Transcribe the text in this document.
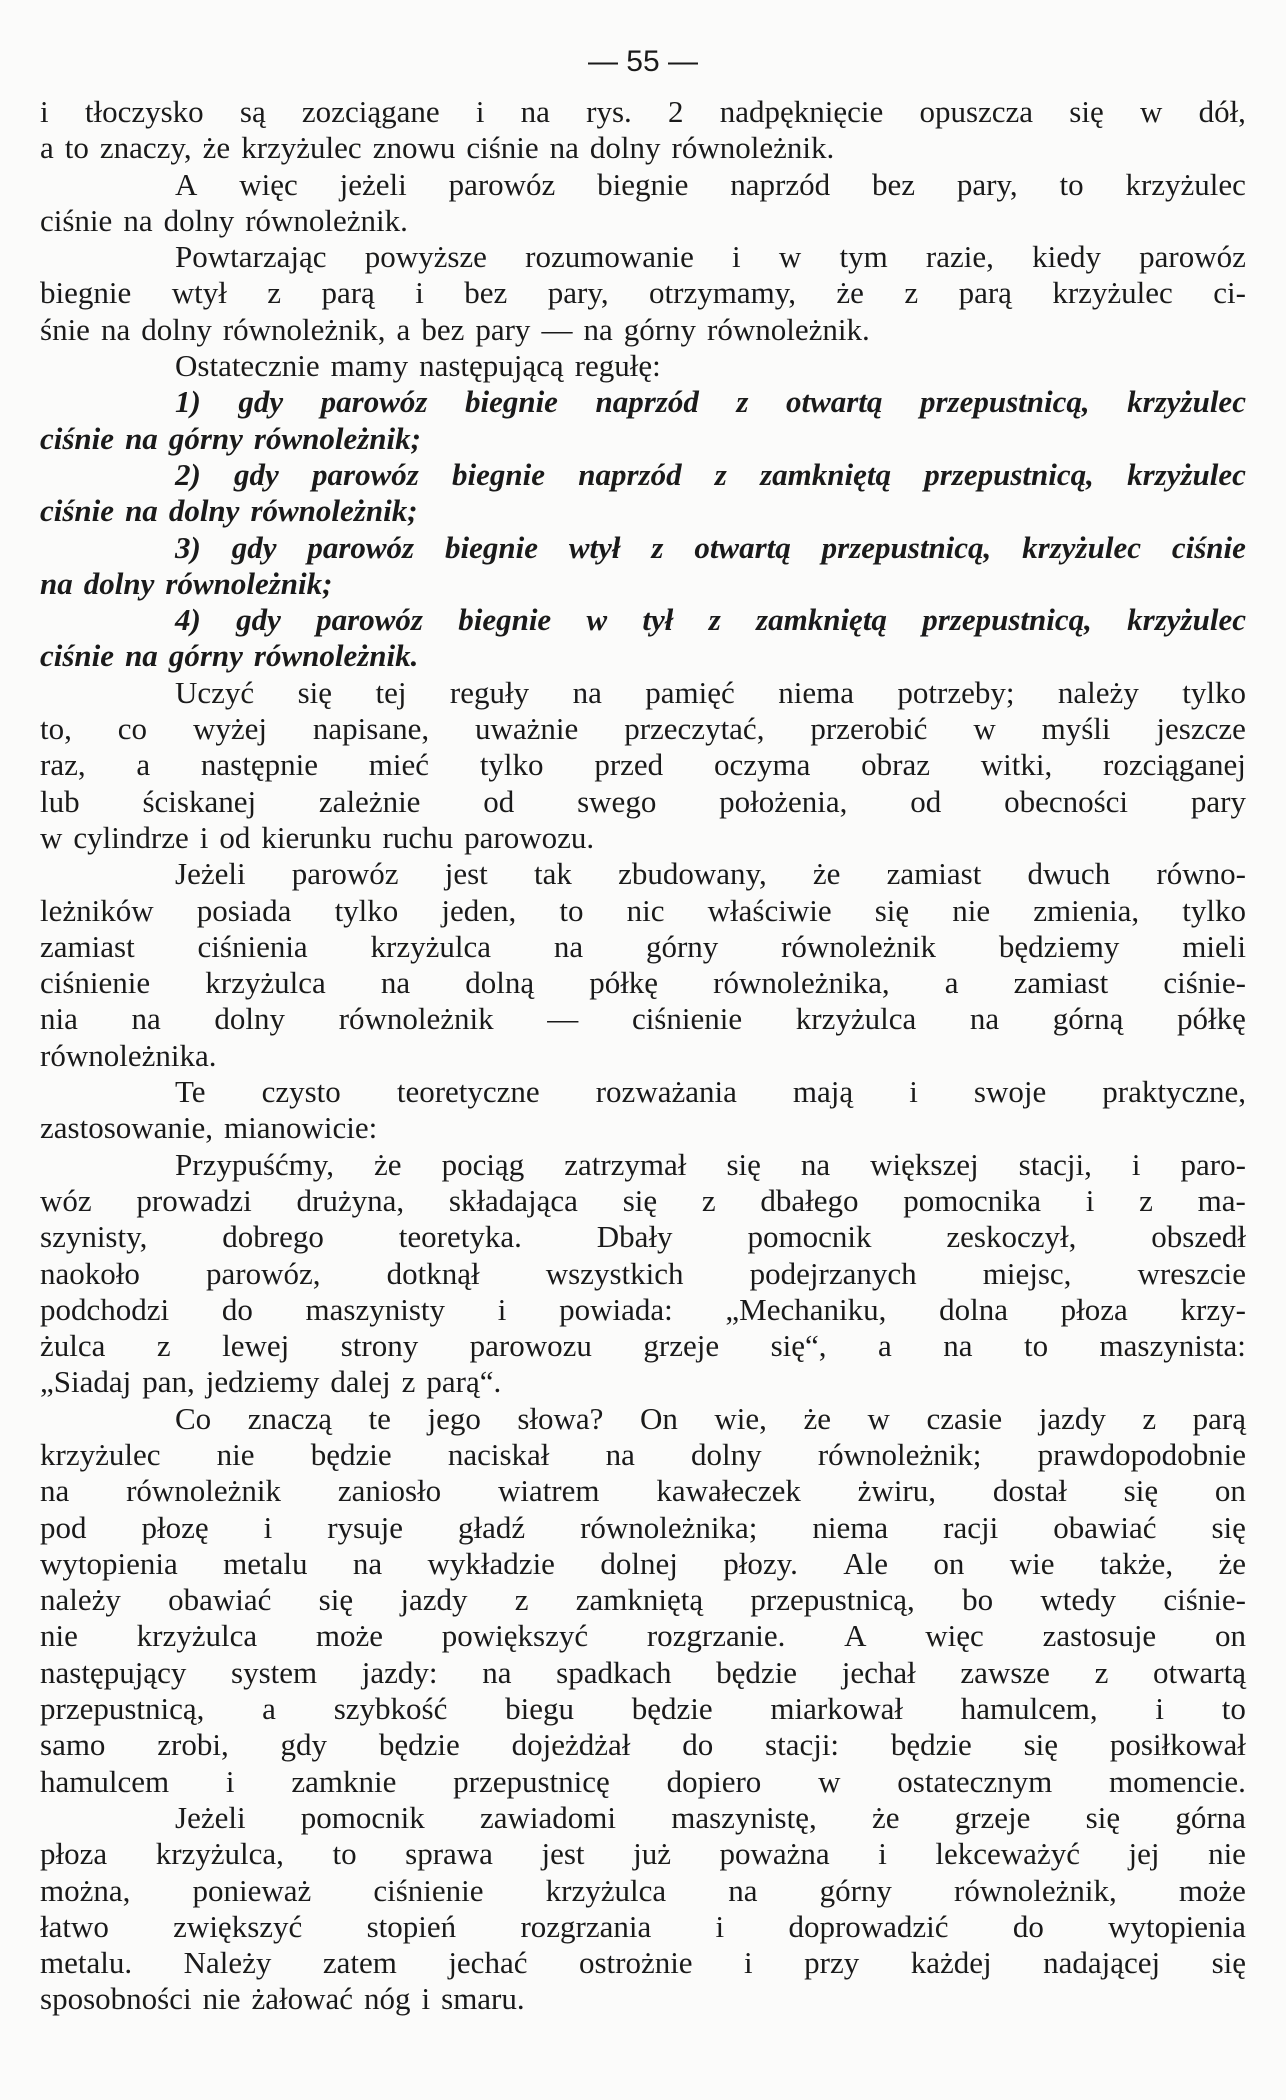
— 55 —
i tłoczysko są zozciągane i na rys. 2 nadpęknięcie opuszcza się w dół,
a to znaczy, że krzyżulec znowu ciśnie na dolny równoleżnik.
A więc jeżeli parowóz biegnie naprzód bez pary, to krzyżulec
ciśnie na dolny równoleżnik.
Powtarzając powyższe rozumowanie i w tym razie, kiedy parowóz
biegnie wtył z parą i bez pary, otrzymamy, że z parą krzyżulec ci-
śnie na dolny równoleżnik, a bez pary — na górny równoleżnik.
Ostatecznie mamy następującą regułę:
1) gdy parowóz biegnie naprzód z otwartą przepustnicą, krzyżulec
ciśnie na górny równoleżnik;
2) gdy parowóz biegnie naprzód z zamkniętą przepustnicą, krzyżulec
ciśnie na dolny równoleżnik;
3) gdy parowóz biegnie wtył z otwartą przepustnicą, krzyżulec ciśnie
na dolny równoleżnik;
4) gdy parowóz biegnie w tył z zamkniętą przepustnicą, krzyżulec
ciśnie na górny równoleżnik.
Uczyć się tej reguły na pamięć niema potrzeby; należy tylko
to, co wyżej napisane, uważnie przeczytać, przerobić w myśli jeszcze
raz, a następnie mieć tylko przed oczyma obraz witki, rozciąganej
lub ściskanej zależnie od swego położenia, od obecności pary
w cylindrze i od kierunku ruchu parowozu.
Jeżeli parowóz jest tak zbudowany, że zamiast dwuch równo-
leżników posiada tylko jeden, to nic właściwie się nie zmienia, tylko
zamiast ciśnienia krzyżulca na górny równoleżnik będziemy mieli
ciśnienie krzyżulca na dolną półkę równoleżnika, a zamiast ciśnie-
nia na dolny równoleżnik — ciśnienie krzyżulca na górną półkę
równoleżnika.
Te czysto teoretyczne rozważania mają i swoje praktyczne,
zastosowanie, mianowicie:
Przypuśćmy, że pociąg zatrzymał się na większej stacji, i paro-
wóz prowadzi drużyna, składająca się z dbałego pomocnika i z ma-
szynisty, dobrego teoretyka. Dbały pomocnik zeskoczył, obszedł
naokoło parowóz, dotknął wszystkich podejrzanych miejsc, wreszcie
podchodzi do maszynisty i powiada: „Mechaniku, dolna płoza krzy-
żulca z lewej strony parowozu grzeje się“, a na to maszynista:
„Siadaj pan, jedziemy dalej z parą“.
Co znaczą te jego słowa? On wie, że w czasie jazdy z parą
krzyżulec nie będzie naciskał na dolny równoleżnik; prawdopodobnie
na równoleżnik zaniosło wiatrem kawałeczek żwiru, dostał się on
pod płozę i rysuje gładź równoleżnika; niema racji obawiać się
wytopienia metalu na wykładzie dolnej płozy. Ale on wie także, że
należy obawiać się jazdy z zamkniętą przepustnicą, bo wtedy ciśnie-
nie krzyżulca może powiększyć rozgrzanie. A więc zastosuje on
następujący system jazdy: na spadkach będzie jechał zawsze z otwartą
przepustnicą, a szybkość biegu będzie miarkował hamulcem, i to
samo zrobi, gdy będzie dojeżdżał do stacji: będzie się posiłkował
hamulcem i zamknie przepustnicę dopiero w ostatecznym momencie.
Jeżeli pomocnik zawiadomi maszynistę, że grzeje się górna
płoza krzyżulca, to sprawa jest już poważna i lekceważyć jej nie
można, ponieważ ciśnienie krzyżulca na górny równoleżnik, może
łatwo zwiększyć stopień rozgrzania i doprowadzić do wytopienia
metalu. Należy zatem jechać ostrożnie i przy każdej nadającej się
sposobności nie żałować nóg i smaru.
